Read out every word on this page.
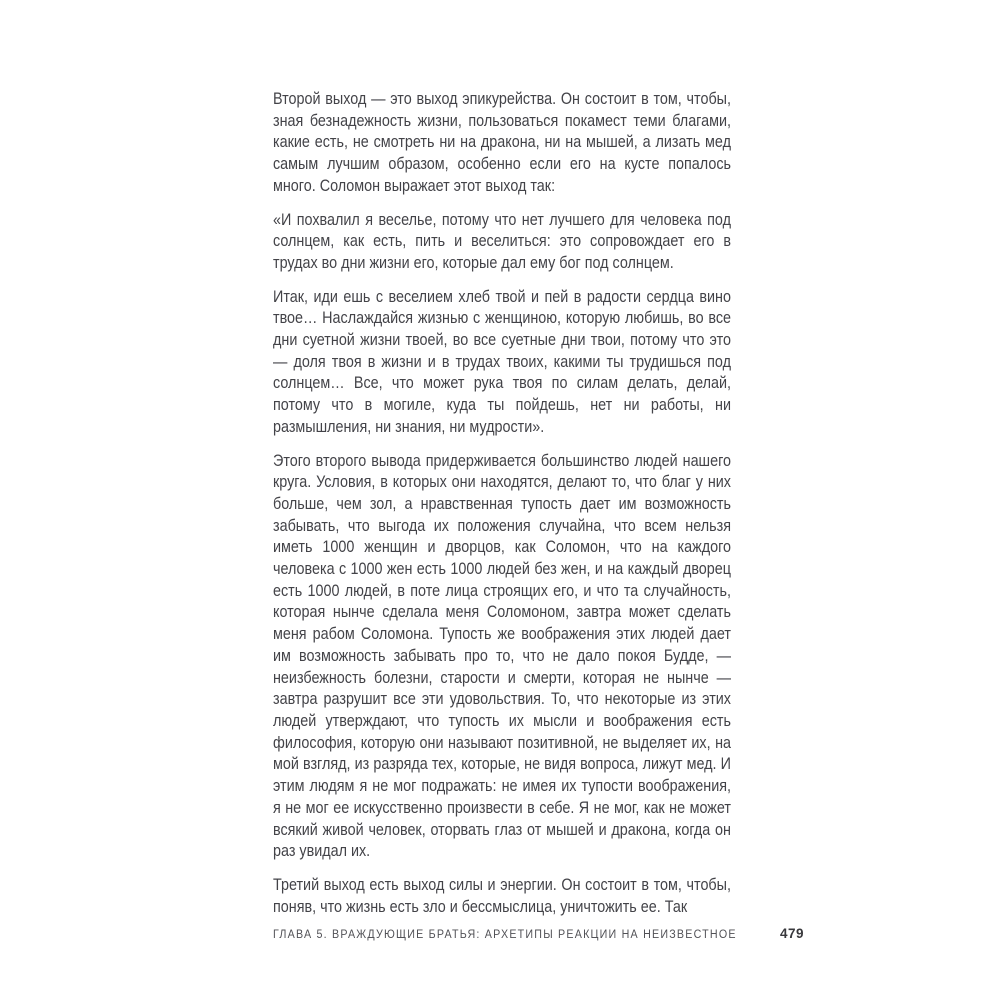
Второй выход — это выход эпикурейства. Он состоит в том, чтобы, зная безнадежность жизни, пользоваться покамест теми благами, какие есть, не смотреть ни на дракона, ни на мышей, а лизать мед самым лучшим образом, особенно если его на кусте попалось много. Соломон выражает этот выход так:

«И похвалил я веселье, потому что нет лучшего для человека под солнцем, как есть, пить и веселиться: это сопровождает его в трудах во дни жизни его, которые дал ему бог под солнцем.

Итак, иди ешь с веселием хлеб твой и пей в радости сердца вино твое… Наслаждайся жизнью с женщиною, которую любишь, во все дни суетной жизни твоей, во все суетные дни твои, потому что это — доля твоя в жизни и в трудах твоих, какими ты трудишься под солнцем… Все, что может рука твоя по силам делать, делай, потому что в могиле, куда ты пойдешь, нет ни работы, ни размышления, ни знания, ни мудрости».

Этого второго вывода придерживается большинство людей нашего круга. Условия, в которых они находятся, делают то, что благ у них больше, чем зол, а нравственная тупость дает им возможность забывать, что выгода их положения случайна, что всем нельзя иметь 1000 женщин и дворцов, как Соломон, что на каждого человека с 1000 жен есть 1000 людей без жен, и на каждый дворец есть 1000 людей, в поте лица строящих его, и что та случайность, которая нынче сделала меня Соломоном, завтра может сделать меня рабом Соломона. Тупость же воображения этих людей дает им возможность забывать про то, что не дало покоя Будде, — неизбежность болезни, старости и смерти, которая не нынче — завтра разрушит все эти удовольствия. То, что некоторые из этих людей утверждают, что тупость их мысли и воображения есть философия, которую они называют позитивной, не выделяет их, на мой взгляд, из разряда тех, которые, не видя вопроса, лижут мед. И этим людям я не мог подражать: не имея их тупости воображения, я не мог ее искусственно произвести в себе. Я не мог, как не может всякий живой человек, оторвать глаз от мышей и дракона, когда он раз увидал их.

Третий выход есть выход силы и энергии. Он состоит в том, чтобы, поняв, что жизнь есть зло и бессмыслица, уничтожить ее. Так

ГЛАВА 5. ВРАЖДУЮЩИЕ БРАТЬЯ: АРХЕТИПЫ РЕАКЦИИ НА НЕИЗВЕСТНОЕ	479
